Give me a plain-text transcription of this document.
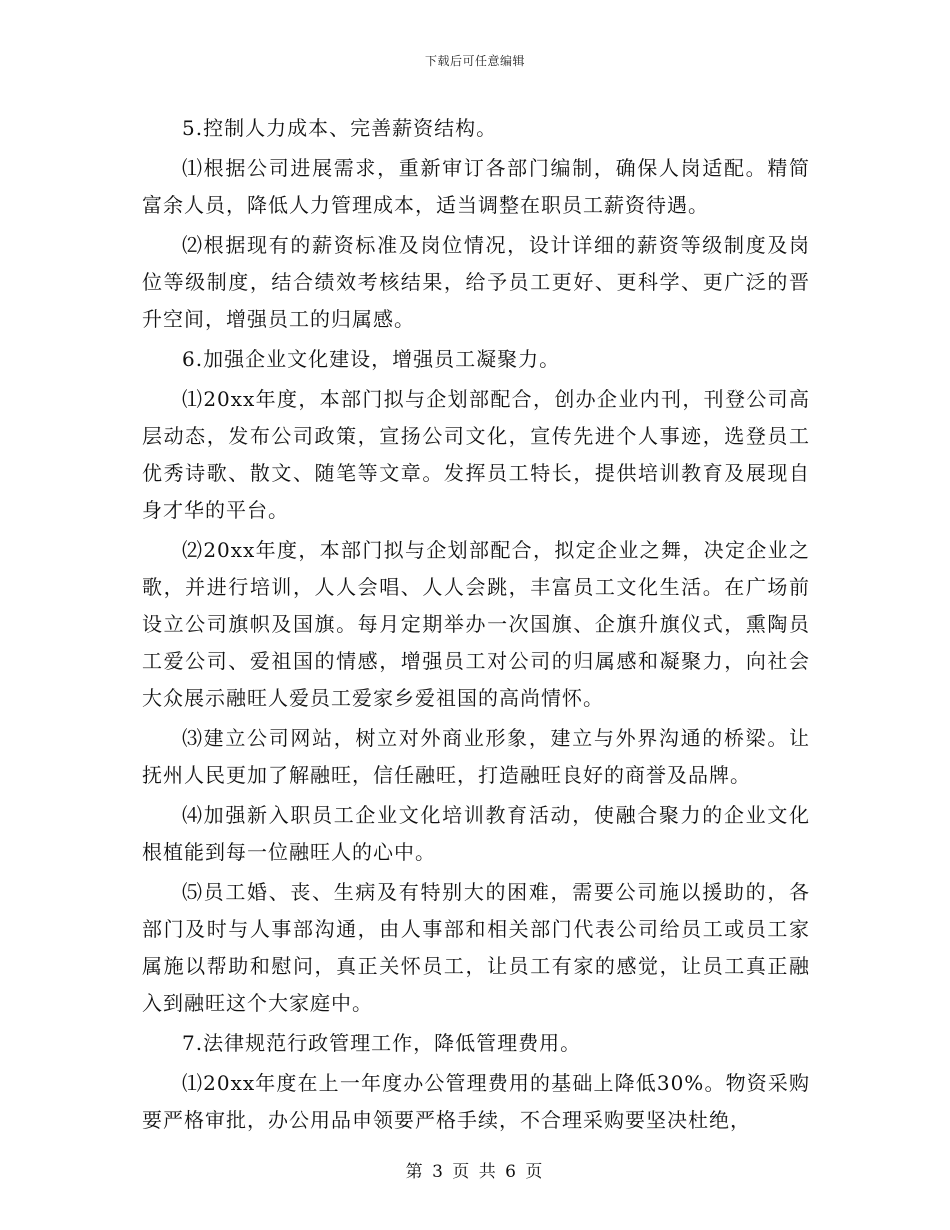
下载后可任意编辑

5.控制人力成本、完善薪资结构。

⑴根据公司进展需求，重新审订各部门编制，确保人岗适配。精简富余人员，降低人力管理成本，适当调整在职员工薪资待遇。

⑵根据现有的薪资标准及岗位情况，设计详细的薪资等级制度及岗位等级制度，结合绩效考核结果，给予员工更好、更科学、更广泛的晋升空间，增强员工的归属感。

6.加强企业文化建设，增强员工凝聚力。

⑴20xx年度，本部门拟与企划部配合，创办企业内刊，刊登公司高层动态，发布公司政策，宣扬公司文化，宣传先进个人事迹，选登员工优秀诗歌、散文、随笔等文章。发挥员工特长，提供培训教育及展现自身才华的平台。

⑵20xx年度，本部门拟与企划部配合，拟定企业之舞，决定企业之歌，并进行培训，人人会唱、人人会跳，丰富员工文化生活。在广场前设立公司旗帜及国旗。每月定期举办一次国旗、企旗升旗仪式，熏陶员工爱公司、爱祖国的情感，增强员工对公司的归属感和凝聚力，向社会大众展示融旺人爱员工爱家乡爱祖国的高尚情怀。

⑶建立公司网站，树立对外商业形象，建立与外界沟通的桥梁。让抚州人民更加了解融旺，信任融旺，打造融旺良好的商誉及品牌。

⑷加强新入职员工企业文化培训教育活动，使融合聚力的企业文化根植能到每一位融旺人的心中。

⑸员工婚、丧、生病及有特别大的困难，需要公司施以援助的，各部门及时与人事部沟通，由人事部和相关部门代表公司给员工或员工家属施以帮助和慰问，真正关怀员工，让员工有家的感觉，让员工真正融入到融旺这个大家庭中。

7.法律规范行政管理工作，降低管理费用。

⑴20xx年度在上一年度办公管理费用的基础上降低30%。物资采购要严格审批，办公用品申领要严格手续，不合理采购要坚决杜绝，

第 3 页 共 6 页
